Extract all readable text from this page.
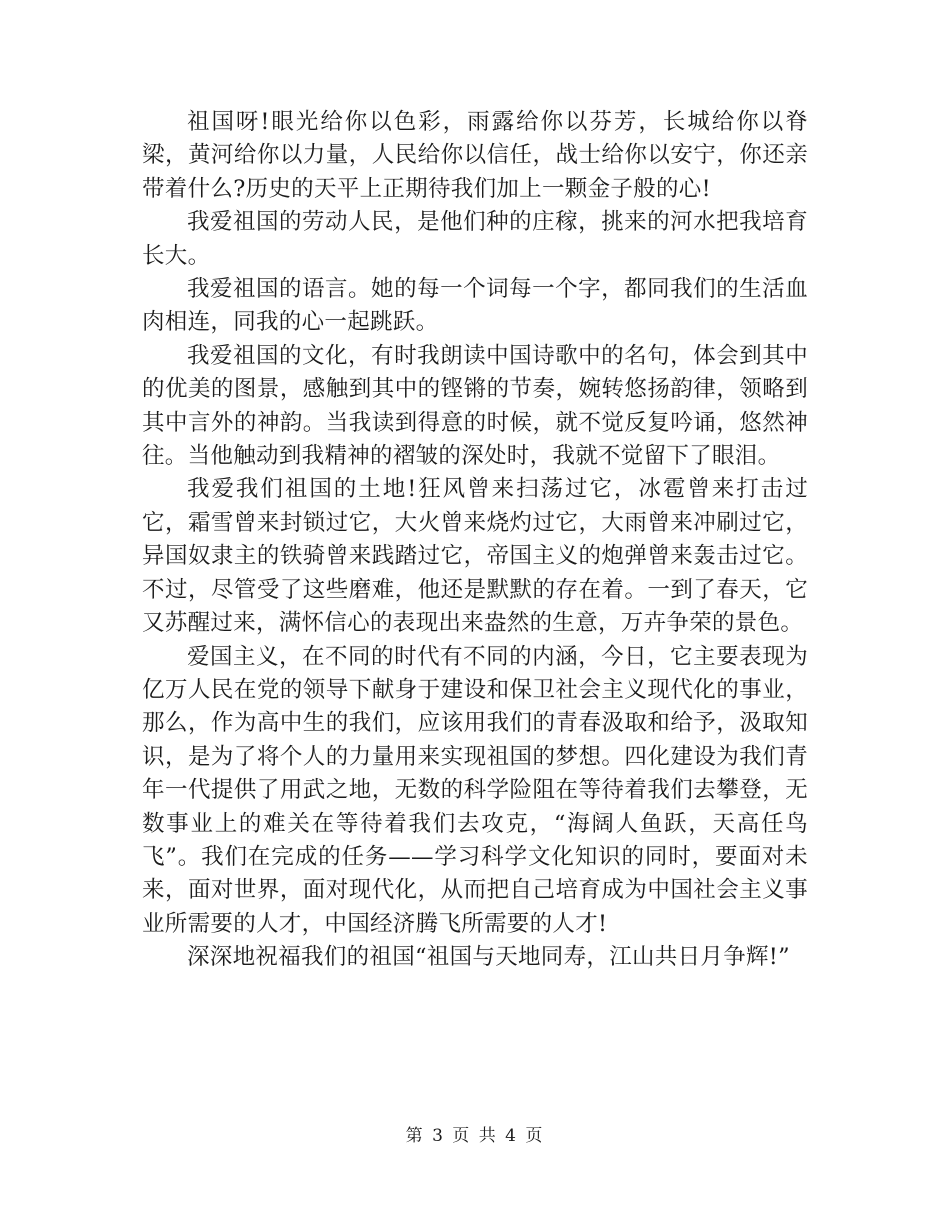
祖国呀!眼光给你以色彩，雨露给你以芬芳，长城给你以脊梁，黄河给你以力量，人民给你以信任，战士给你以安宁，你还亲带着什么?历史的天平上正期待我们加上一颗金子般的心!

我爱祖国的劳动人民，是他们种的庄稼，挑来的河水把我培育长大。

我爱祖国的语言。她的每一个词每一个字，都同我们的生活血肉相连，同我的心一起跳跃。

我爱祖国的文化，有时我朗读中国诗歌中的名句，体会到其中的优美的图景，感触到其中的铿锵的节奏，婉转悠扬韵律，领略到其中言外的神韵。当我读到得意的时候，就不觉反复吟诵，悠然神往。当他触动到我精神的褶皱的深处时，我就不觉留下了眼泪。

我爱我们祖国的土地!狂风曾来扫荡过它，冰雹曾来打击过它，霜雪曾来封锁过它，大火曾来烧灼过它，大雨曾来冲刷过它，异国奴隶主的铁骑曾来践踏过它，帝国主义的炮弹曾来轰击过它。不过，尽管受了这些磨难，他还是默默的存在着。一到了春天，它又苏醒过来，满怀信心的表现出来盎然的生意，万卉争荣的景色。

爱国主义，在不同的时代有不同的内涵，今日，它主要表现为亿万人民在党的领导下献身于建设和保卫社会主义现代化的事业，那么，作为高中生的我们，应该用我们的青春汲取和给予，汲取知识，是为了将个人的力量用来实现祖国的梦想。四化建设为我们青年一代提供了用武之地，无数的科学险阻在等待着我们去攀登，无数事业上的难关在等待着我们去攻克，“海阔人鱼跃，天高任鸟飞”。我们在完成的任务——学习科学文化知识的同时，要面对未来，面对世界，面对现代化，从而把自己培育成为中国社会主义事业所需要的人才，中国经济腾飞所需要的人才!

深深地祝福我们的祖国“祖国与天地同寿，江山共日月争辉!”

第 3 页 共 4 页
